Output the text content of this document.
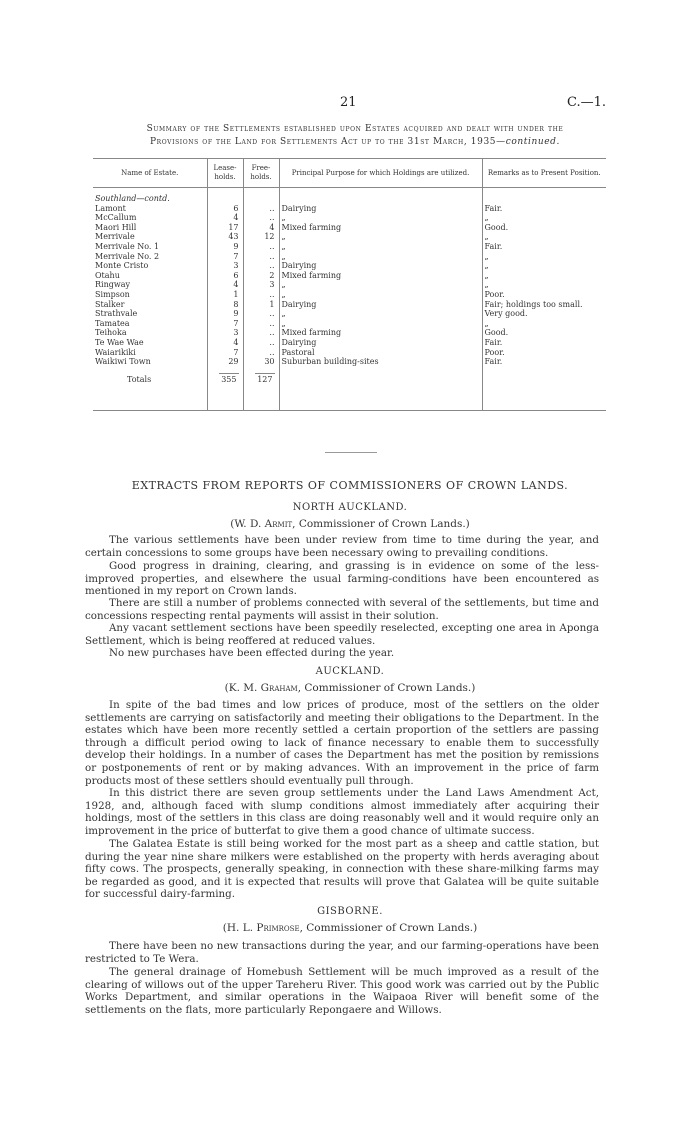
21	C.—1.
Summary of the Settlements established upon Estates acquired and dealt with under the
Provisions of the Land for Settlements Act up to the 31st March, 1935—continued.
Name of Estate.	Lease-holds.	Free-holds.	Principal Purpose for which Holdings are utilized.	Remarks as to Present Position.
Southland—contd.				
Lamont	6	..	Dairying	Fair.
McCallum	4	..	„	„
Maori Hill	17	4	Mixed farming	Good.
Merrivale	43	12	„	„
Merrivale No. 1	9	..	„	Fair.
Merrivale No. 2	7	..	„	„
Monte Cristo	3	..	Dairying	„
Otahu	6	2	Mixed farming	„
Ringway	4	3	„	„
Simpson	1	..	„	Poor.
Stalker	8	1	Dairying	Fair; holdings too small.
Strathvale	9	..	„	Very good.
Tamatea	7	..	„	„
Teihoka	3	..	Mixed farming	Good.
Te Wae Wae	4	..	Dairying	Fair.
Waiarikiki	7	..	Pastoral	Poor.
Waikiwi Town	29	30	Suburban building-sites	Fair.
Totals	355	127		

EXTRACTS FROM REPORTS OF COMMISSIONERS OF CROWN LANDS.
NORTH AUCKLAND.
(W. D. Armit, Commissioner of Crown Lands.)

The various settlements have been under review from time to time during the year, and certain concessions to some groups have been necessary owing to prevailing conditions.

Good progress in draining, clearing, and grassing is in evidence on some of the less-improved properties, and elsewhere the usual farming-conditions have been encountered as mentioned in my report on Crown lands.

There are still a number of problems connected with several of the settlements, but time and concessions respecting rental payments will assist in their solution.

Any vacant settlement sections have been speedily reselected, excepting one area in Aponga Settlement, which is being reoffered at reduced values.

No new purchases have been effected during the year.

AUCKLAND.
(K. M. Graham, Commissioner of Crown Lands.)

In spite of the bad times and low prices of produce, most of the settlers on the older settlements are carrying on satisfactorily and meeting their obligations to the Department. In the estates which have been more recently settled a certain proportion of the settlers are passing through a difficult period owing to lack of finance necessary to enable them to successfully develop their holdings. In a number of cases the Department has met the position by remissions or postponements of rent or by making advances. With an improvement in the price of farm products most of these settlers should eventually pull through.

In this district there are seven group settlements under the Land Laws Amendment Act, 1928, and, although faced with slump conditions almost immediately after acquiring their holdings, most of the settlers in this class are doing reasonably well and it would require only an improvement in the price of butterfat to give them a good chance of ultimate success.

The Galatea Estate is still being worked for the most part as a sheep and cattle station, but during the year nine share milkers were established on the property with herds averaging about fifty cows. The prospects, generally speaking, in connection with these share-milking farms may be regarded as good, and it is expected that results will prove that Galatea will be quite suitable for successful dairy-farming.

GISBORNE.
(H. L. Primrose, Commissioner of Crown Lands.)

There have been no new transactions during the year, and our farming-operations have been restricted to Te Wera.

The general drainage of Homebush Settlement will be much improved as a result of the clearing of willows out of the upper Tareheru River. This good work was carried out by the Public Works Department, and similar operations in the Waipaoa River will benefit some of the settlements on the flats, more particularly Repongaere and Willows.
